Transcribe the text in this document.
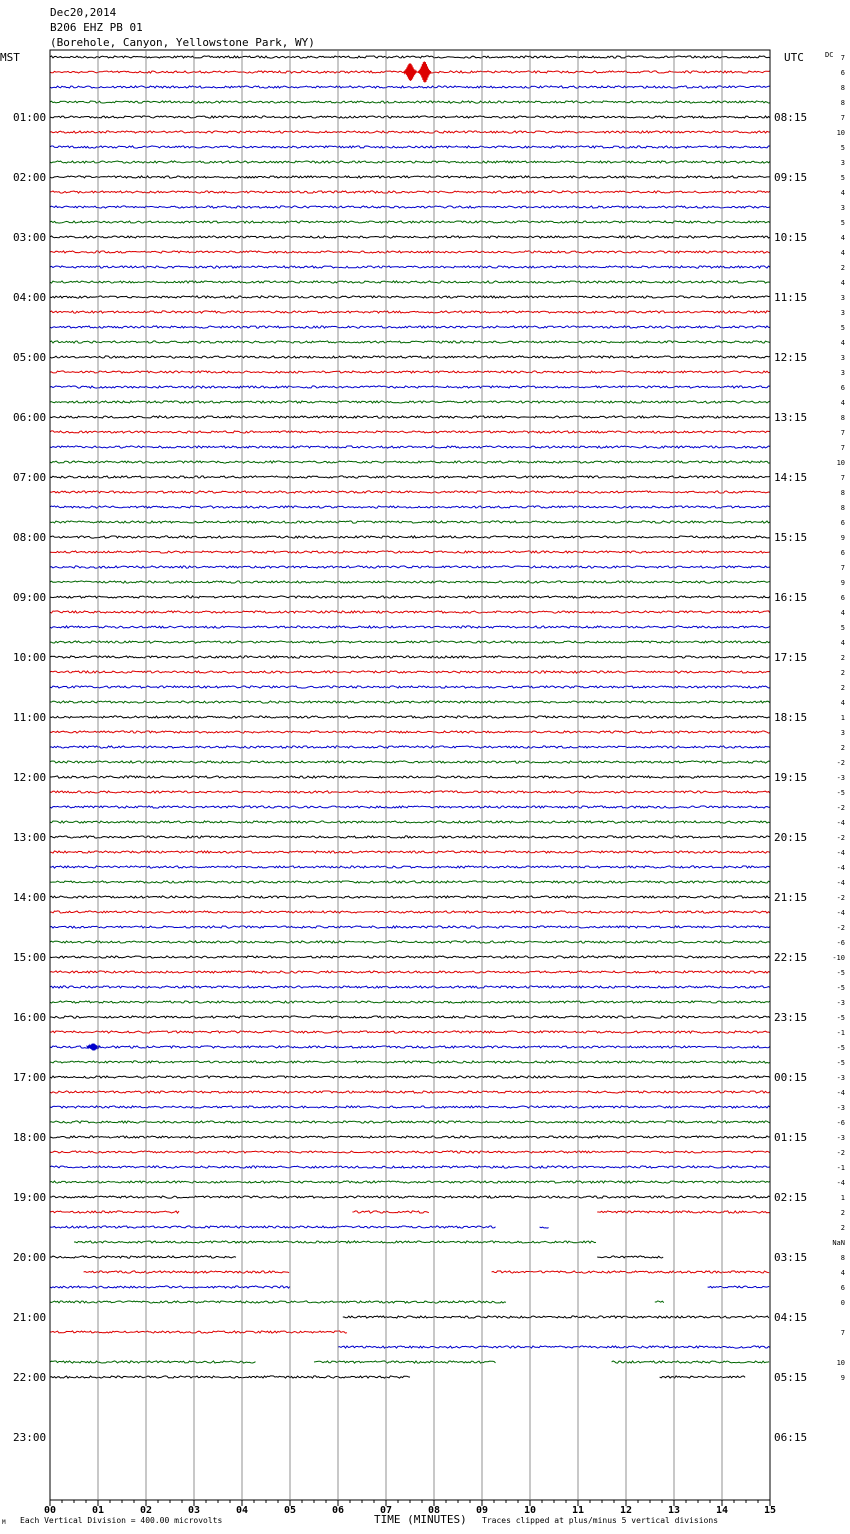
Dec20,2014
B206 EHZ PB 01
(Borehole, Canyon, Yellowstone Park, WY)
MST	UTC	DC
01:00
02:00
03:00
04:00
05:00
06:00
07:00
08:00
09:00
10:00
11:00
12:00
13:00
14:00
15:00
16:00
17:00
18:00
19:00
20:00
21:00
22:00
23:00
08:15
09:15
10:15
11:15
12:15
13:15
14:15
15:15
16:15
17:15
18:15
19:15
20:15
21:15
22:15
23:15
00:15
01:15
02:15
03:15
04:15
05:15
06:15
7
6
8
8
7
10
5
3
5
4
3
5
4
4
2
4
3
3
5
4
3
3
6
4
8
7
7
10
7
8
8
6
9
6
7
9
6
4
5
4
2
2
2
4
1
3
2
-2
-3
-5
-2
-4
-2
-4
-4
-4
-2
-4
-2
-6
-10
-5
-5
-3
-5
-1
-5
-5
-3
-4
-3
-6
-3
-2
-1
-4
1
2
2
NaN
8
4
6
0
7
10
9
00	01	02	03	04	05	06	07	08	09	10	11	12	13	14	15
M Each Vertical Division = 400.00 microvolts	TIME (MINUTES) Traces clipped at plus/minus 5 vertical divisions
